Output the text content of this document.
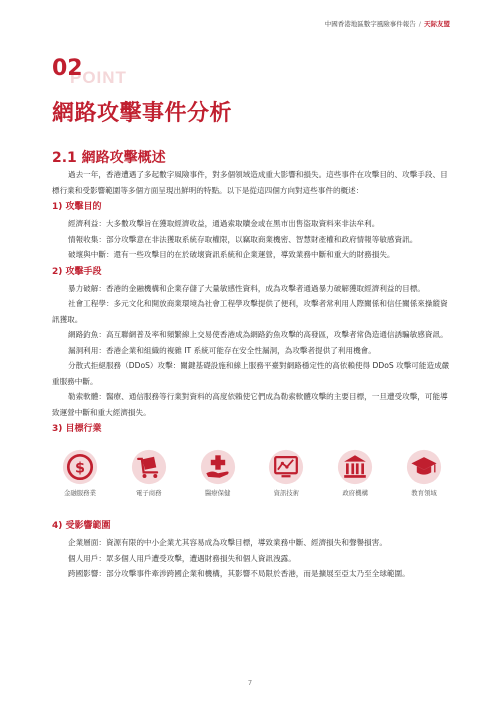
中國香港地區數字風險事件報告 / 天际友盟
POINT
02
網路攻擊事件分析
2.1 網路攻擊概述

過去一年，香港遭遇了多起數字風險事件，對多個領域造成重大影響和損失。這些事件在攻擊目的、攻擊手段、目標行業和受影響範圍等多個方面呈現出鮮明的特點。以下是從這四個方向對這些事件的概述：

1) 攻擊目的

經濟利益：大多數攻擊旨在獲取經濟收益，通過索取贖金或在黑市出售盜取資料來非法牟利。

情報收集：部分攻擊意在非法獲取系統存取權限，以竊取商業機密、智慧財產權和政府情報等敏感資訊。

破壞與中斷：還有一些攻擊目的在於破壞資訊系統和企業運營，導致業務中斷和重大的財務損失。

2) 攻擊手段

暴力破解：香港的金融機構和企業存儲了大量敏感性資料，成為攻擊者通過暴力破解獲取經濟利益的目標。

社會工程學：多元文化和開放商業環境為社會工程學攻擊提供了便利，攻擊者常利用人際關係和信任關係來操縱資訊獲取。

網路釣魚：高互聯網普及率和頻繁線上交易使香港成為網路釣魚攻擊的高發區，攻擊者常偽造通信誘騙敏感資訊。

漏洞利用：香港企業和組織的複雜 IT 系統可能存在安全性漏洞，為攻擊者提供了利用機會。

分散式拒絕服務（DDoS）攻擊：關鍵基礎設施和線上服務平臺對網路穩定性的高依賴使得 DDoS 攻擊可能造成嚴重服務中斷。

勒索軟體：醫療、通信服務等行業對資料的高度依賴使它們成為勒索軟體攻擊的主要目標，一旦遭受攻擊，可能導致運營中斷和重大經濟損失。

3) 目標行業
$
金融服務業	電子商務	醫療保健	資訊技術	政府機構	教育領域
4) 受影響範圍

企業層面：資源有限的中小企業尤其容易成為攻擊目標，導致業務中斷、經濟損失和聲譽損害。

個人用戶：眾多個人用戶遭受攻擊，遭遇財務損失和個人資訊洩露。

跨國影響：部分攻擊事件牽涉跨國企業和機構，其影響不局限於香港，而是擴展至亞太乃至全球範圍。

7
